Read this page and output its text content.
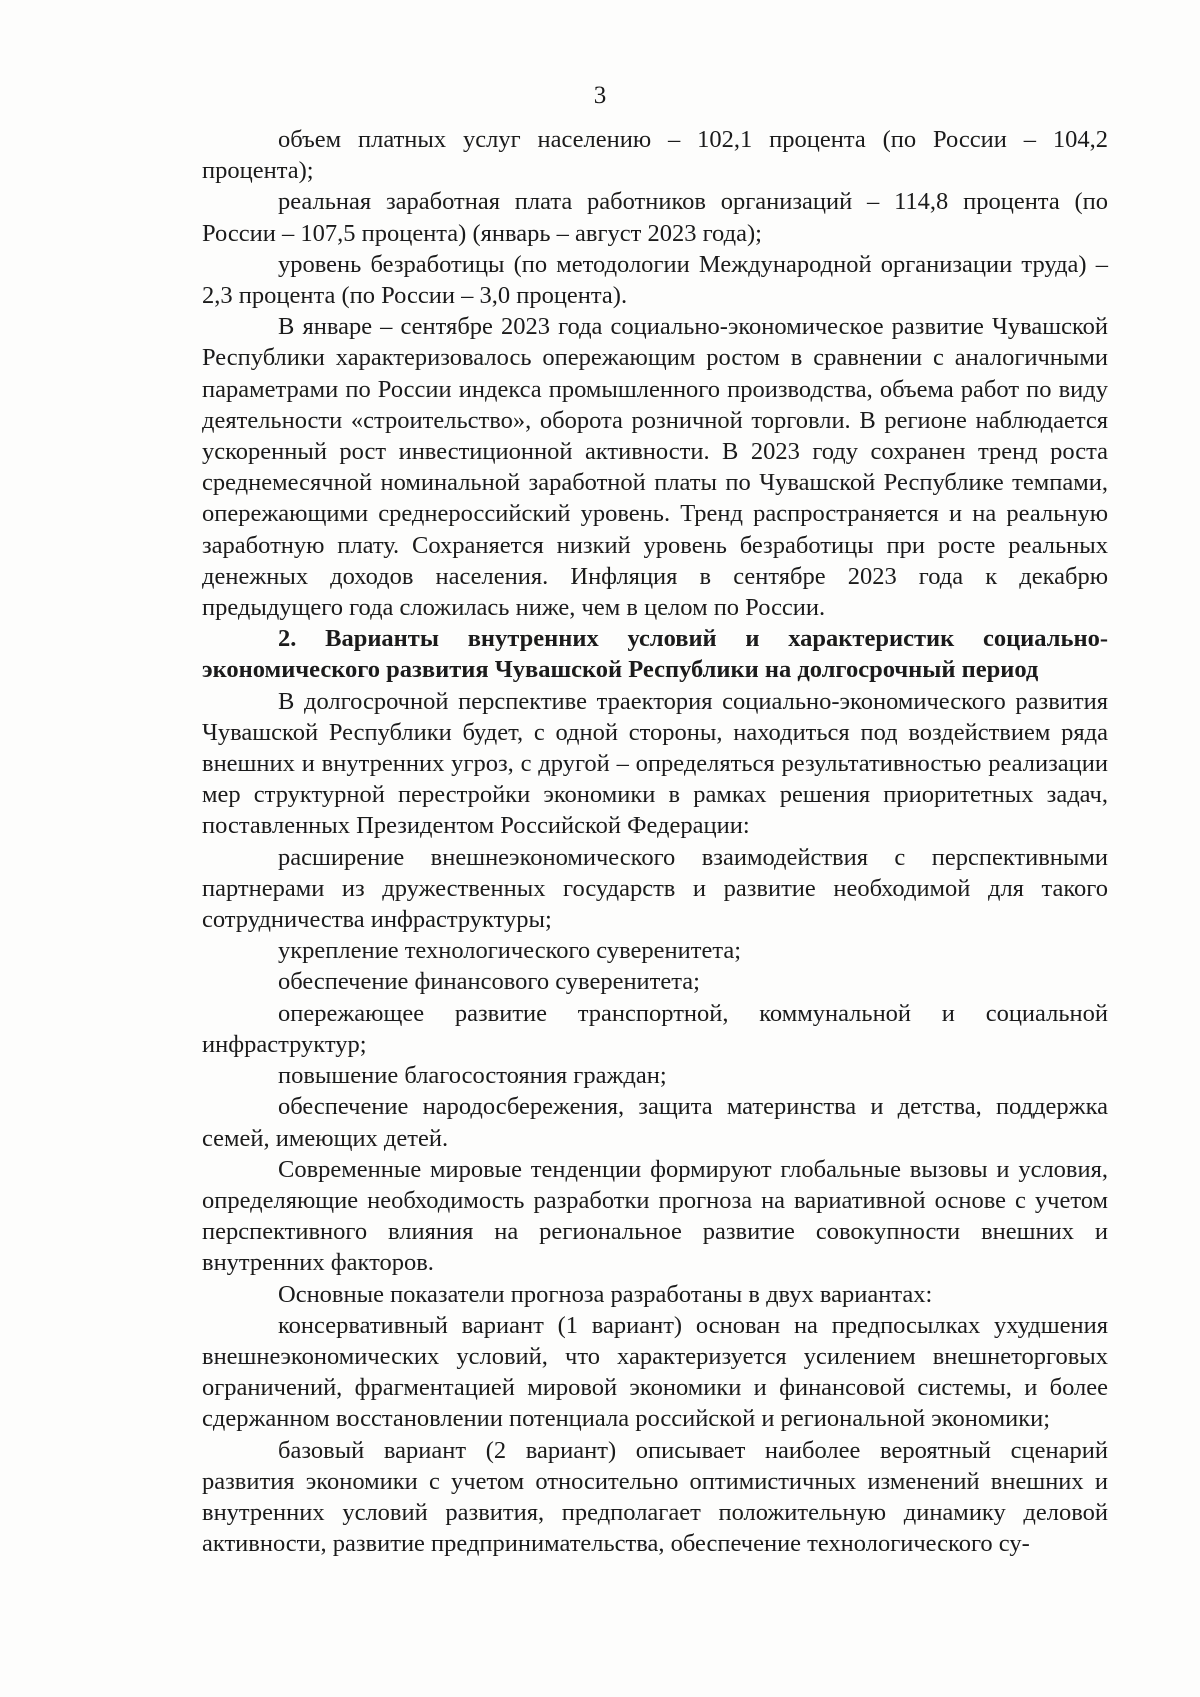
3

объем платных услуг населению – 102,1 процента (по России – 104,2 процента);

реальная заработная плата работников организаций – 114,8 процента (по России – 107,5 процента) (январь – август 2023 года);

уровень безработицы (по методологии Международной организации труда) – 2,3 процента (по России – 3,0 процента).

В январе – сентябре 2023 года социально-экономическое развитие Чувашской Республики характеризовалось опережающим ростом в сравнении с аналогичными параметрами по России индекса промышленного производства, объема работ по виду деятельности «строительство», оборота розничной торговли. В регионе наблюдается ускоренный рост инвестиционной активности. В 2023 году сохранен тренд роста среднемесячной номинальной заработной платы по Чувашской Республике темпами, опережающими среднероссийский уровень. Тренд распространяется и на реальную заработную плату. Сохраняется низкий уровень безработицы при росте реальных денежных доходов населения. Инфляция в сентябре 2023 года к декабрю предыдущего года сложилась ниже, чем в целом по России.

2. Варианты внутренних условий и характеристик социально-экономического развития Чувашской Республики на долгосрочный период

В долгосрочной перспективе траектория социально-экономического развития Чувашской Республики будет, с одной стороны, находиться под воздействием ряда внешних и внутренних угроз, с другой – определяться результативностью реализации мер структурной перестройки экономики в рамках решения приоритетных задач, поставленных Президентом Российской Федерации:

расширение внешнеэкономического взаимодействия с перспективными партнерами из дружественных государств и развитие необходимой для такого сотрудничества инфраструктуры;

укрепление технологического суверенитета;

обеспечение финансового суверенитета;

опережающее развитие транспортной, коммунальной и социальной инфраструктур;

повышение благосостояния граждан;

обеспечение народосбережения, защита материнства и детства, поддержка семей, имеющих детей.

Современные мировые тенденции формируют глобальные вызовы и условия, определяющие необходимость разработки прогноза на вариативной основе с учетом перспективного влияния на региональное развитие совокупности внешних и внутренних факторов.

Основные показатели прогноза разработаны в двух вариантах:

консервативный вариант (1 вариант) основан на предпосылках ухудшения внешнеэкономических условий, что характеризуется усилением внешнеторговых ограничений, фрагментацией мировой экономики и финансовой системы, и более сдержанном восстановлении потенциала российской и региональной экономики;

базовый вариант (2 вариант) описывает наиболее вероятный сценарий развития экономики с учетом относительно оптимистичных изменений внешних и внутренних условий развития, предполагает положительную динамику деловой активности, развитие предпринимательства, обеспечение технологического су-
